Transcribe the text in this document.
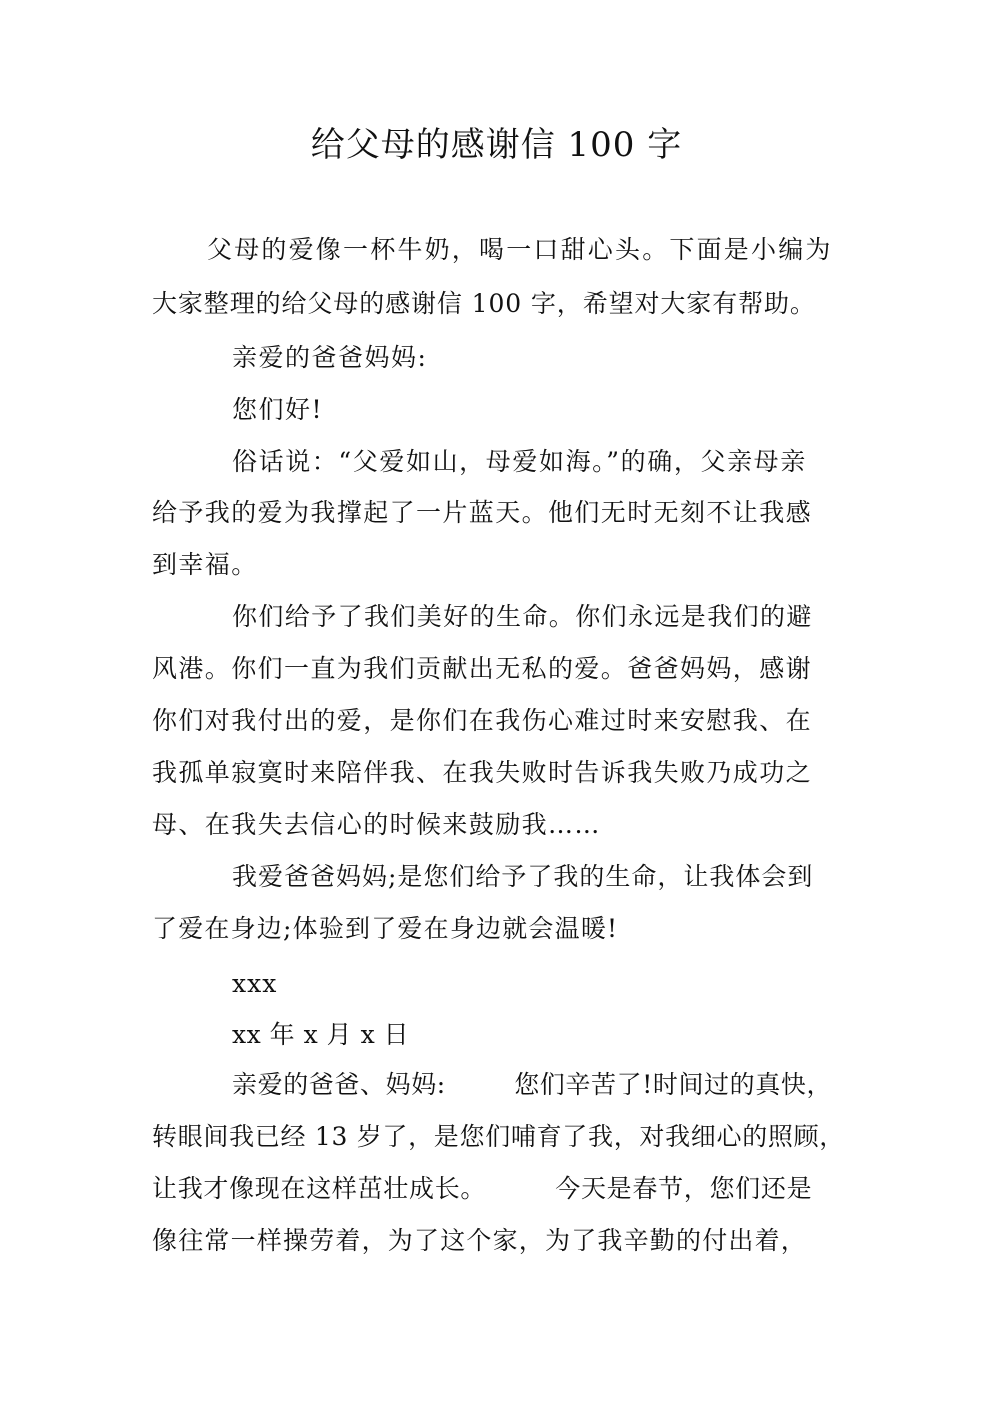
给父母的感谢信 100 字
父母的爱像一杯牛奶，喝一口甜心头。下面是小编为
大家整理的给父母的感谢信 100 字，希望对大家有帮助。
亲爱的爸爸妈妈:
您们好!
俗话说：“父爱如山，母爱如海。”的确，父亲母亲
给予我的爱为我撑起了一片蓝天。他们无时无刻不让我感
到幸福。
你们给予了我们美好的生命。你们永远是我们的避
风港。你们一直为我们贡献出无私的爱。爸爸妈妈，感谢
你们对我付出的爱，是你们在我伤心难过时来安慰我、在
我孤单寂寞时来陪伴我、在我失败时告诉我失败乃成功之
母、在我失去信心的时候来鼓励我……
我爱爸爸妈妈;是您们给予了我的生命，让我体会到
了爱在身边;体验到了爱在身边就会温暖!
xxx
xx 年 x 月 x 日
亲爱的爸爸、妈妈:        您们辛苦了!时间过的真快，
转眼间我已经 13 岁了，是您们哺育了我，对我细心的照顾，
让我才像现在这样茁壮成长。        今天是春节，您们还是
像往常一样操劳着，为了这个家，为了我辛勤的付出着，
